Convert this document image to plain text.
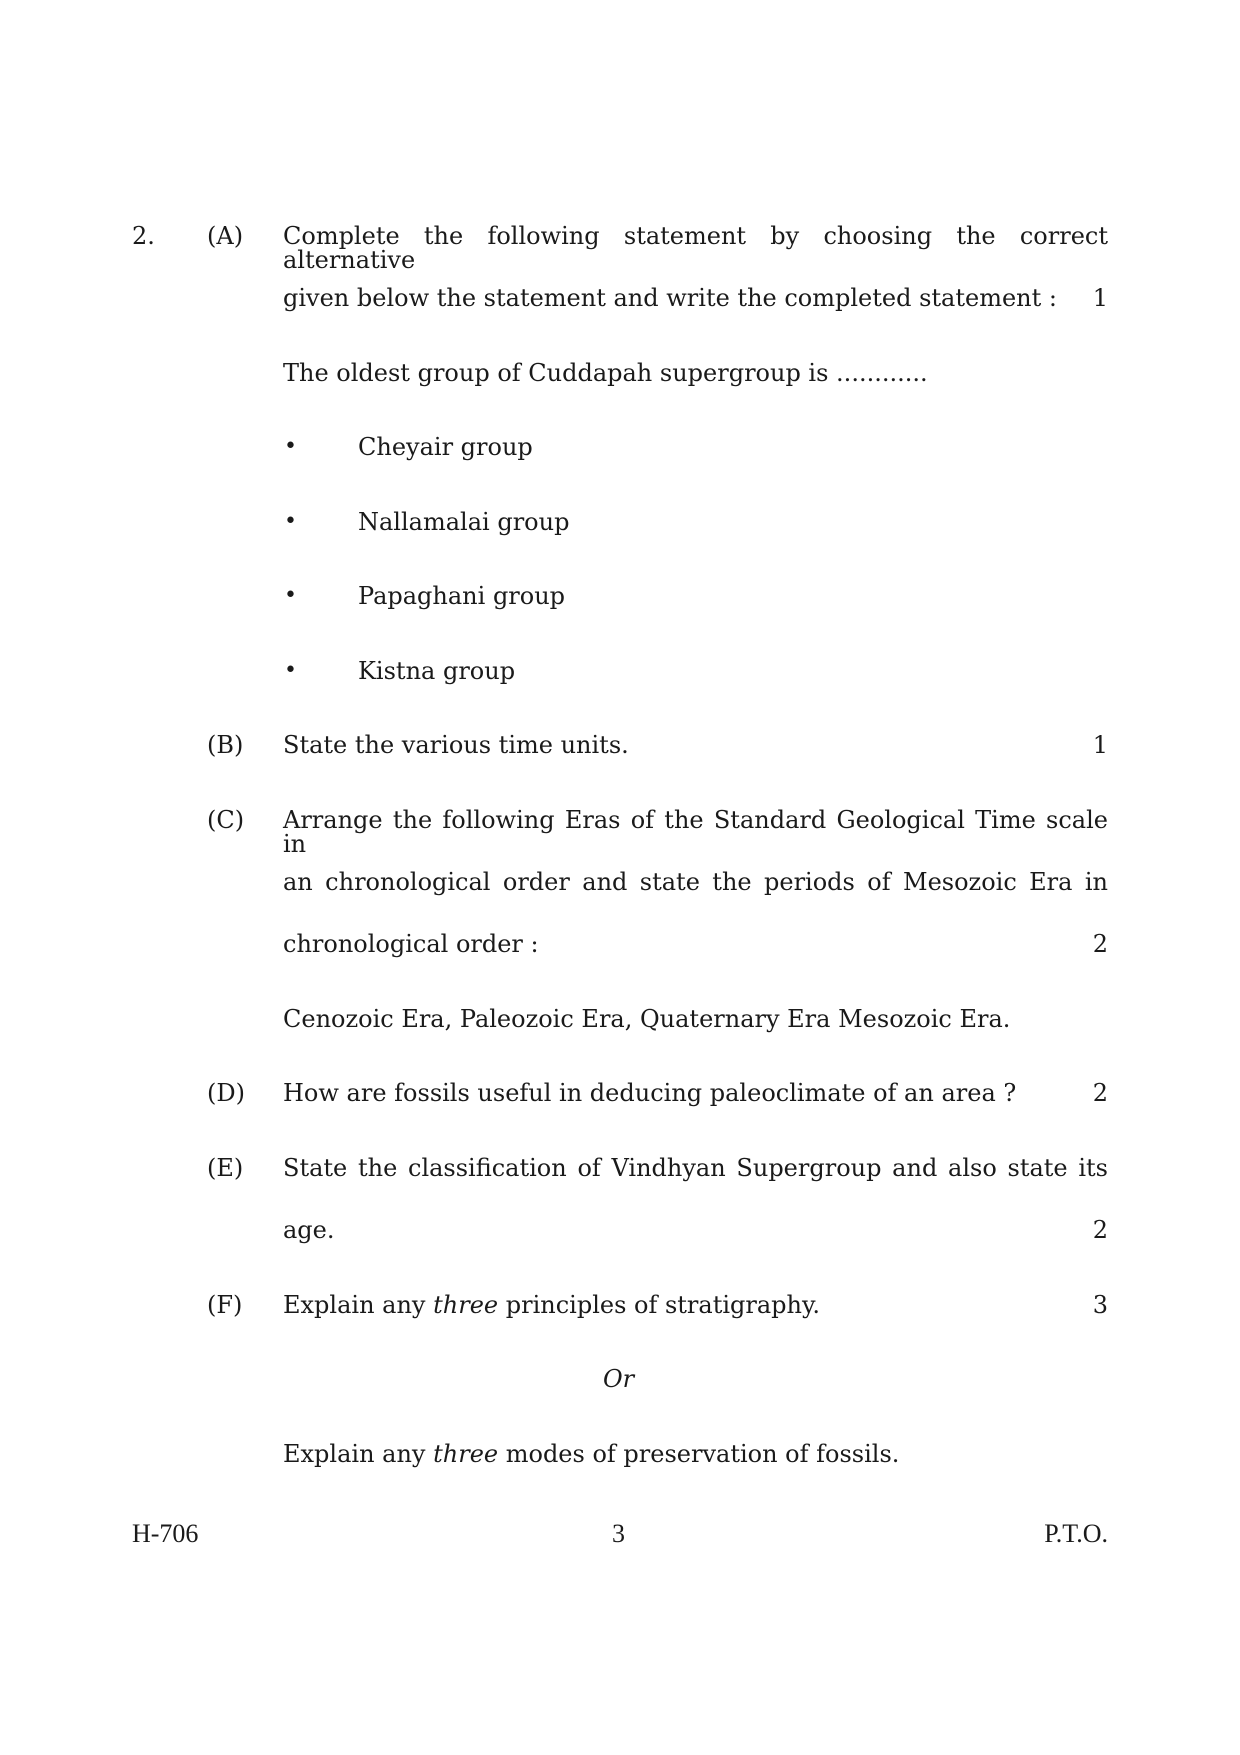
2. (A) Complete the following statement by choosing the correct alternative
given below the statement and write the completed statement : 1
The oldest group of Cuddapah supergroup is ............
•	Cheyair group
•	Nallamalai group
•	Papaghani group
•	Kistna group
(B) State the various time units.	1
(C) Arrange the following Eras of the Standard Geological Time scale in
an chronological order and state the periods of Mesozoic Era in
chronological order :	2
Cenozoic Era, Paleozoic Era, Quaternary Era Mesozoic Era.
(D) How are fossils useful in deducing paleoclimate of an area ?	2
(E) State the classification of Vindhyan Supergroup and also state its
age.	2
(F) Explain any three principles of stratigraphy.	3
Or
Explain any three modes of preservation of fossils.
H-706	3	P.T.O.
